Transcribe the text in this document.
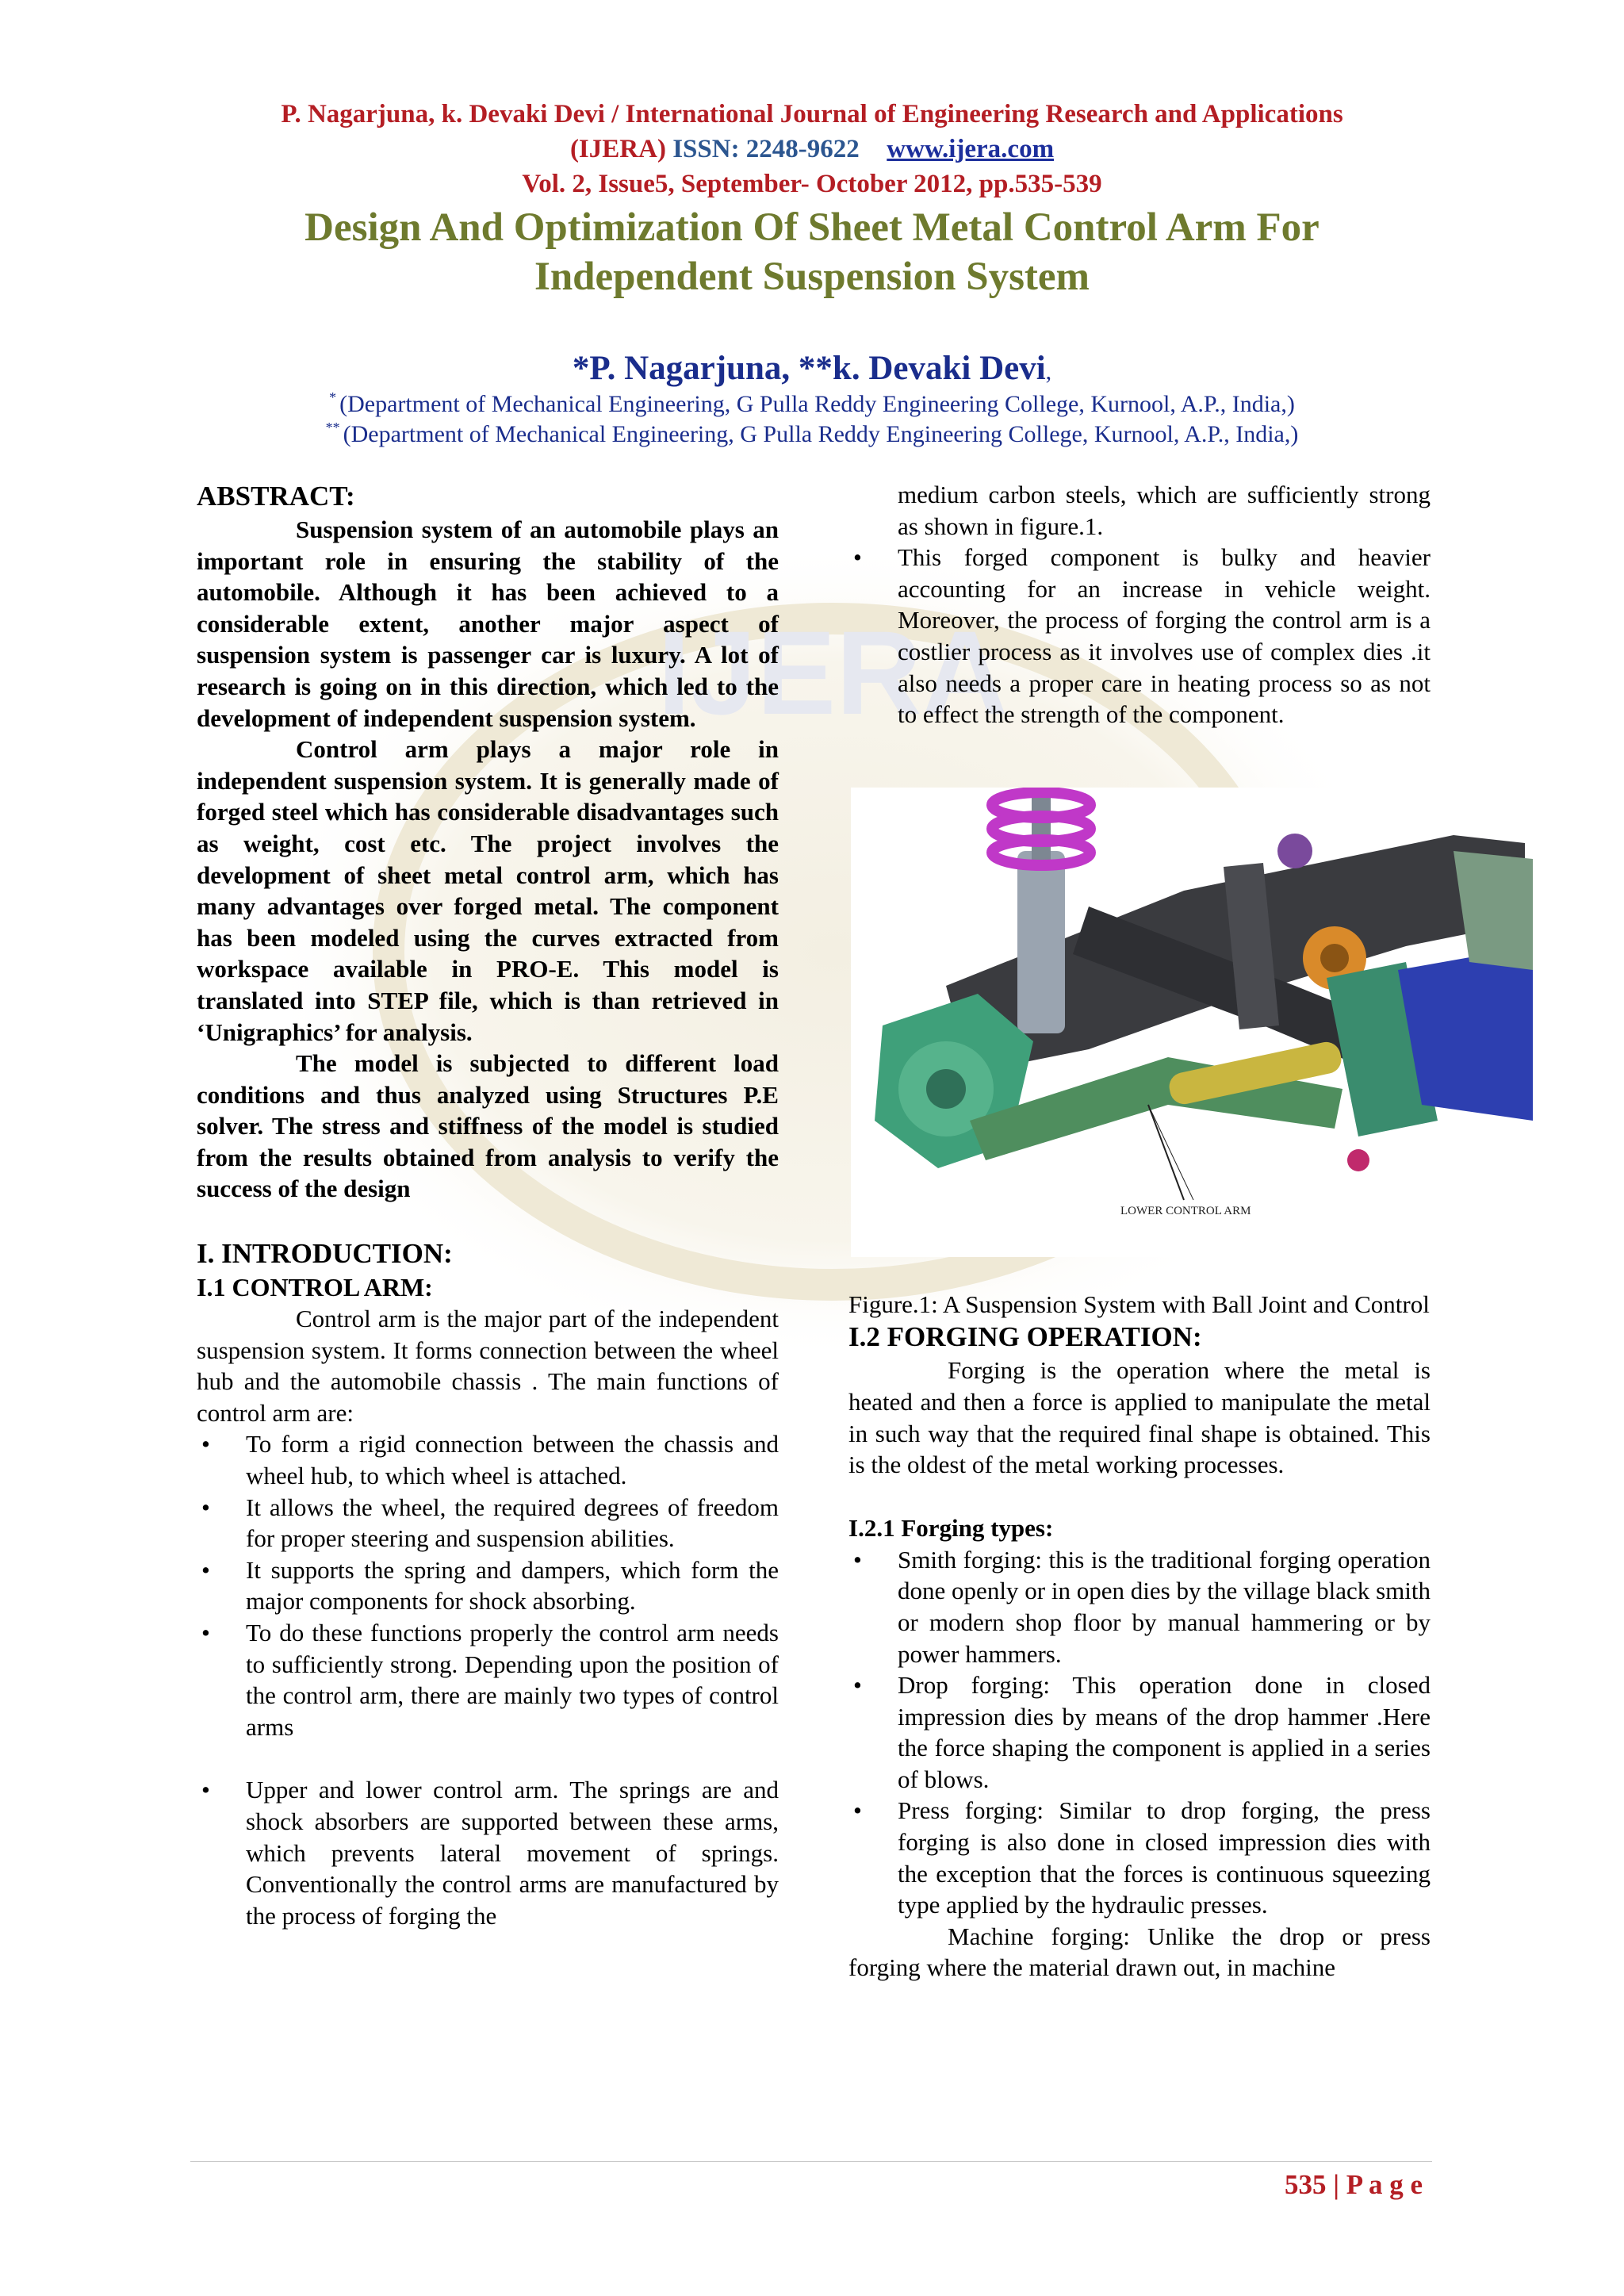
IJERA
P. Nagarjuna, k. Devaki Devi / International Journal of Engineering Research and Applications
(IJERA) ISSN: 2248-9622 www.ijera.com
Vol. 2, Issue5, September- October 2012, pp.535-539
Design And Optimization Of Sheet Metal Control Arm For
Independent Suspension System
*P. Nagarjuna, **k. Devaki Devi,
* (Department of Mechanical Engineering, G Pulla Reddy Engineering College, Kurnool, A.P., India,)
** (Department of Mechanical Engineering, G Pulla Reddy Engineering College, Kurnool, A.P., India,)

ABSTRACT:

Suspension system of an automobile plays an important role in ensuring the stability of the automobile. Although it has been achieved to a considerable extent, another major aspect of suspension system is passenger car is luxury. A lot of research is going on in this direction, which led to the development of independent suspension system.

Control arm plays a major role in independent suspension system. It is generally made of forged steel which has considerable disadvantages such as weight, cost etc. The project involves the development of sheet metal control arm, which has many advantages over forged metal. The component has been modeled using the curves extracted from workspace available in PRO-E. This model is translated into STEP file, which is than retrieved in ‘Unigraphics’ for analysis.

The model is subjected to different load conditions and thus analyzed using Structures P.E solver. The stress and stiffness of the model is studied from the results obtained from analysis to verify the success of the design

I. INTRODUCTION:

I.1 CONTROL ARM:

Control arm is the major part of the independent suspension system. It forms connection between the wheel hub and the automobile chassis . The main functions of control arm are:

• To form a rigid connection between the chassis and wheel hub, to which wheel is attached.

• It allows the wheel, the required degrees of freedom for proper steering and suspension abilities.

• It supports the spring and dampers, which form the major components for shock absorbing.

• To do these functions properly the control arm needs to sufficiently strong. Depending upon the position of the control arm, there are mainly two types of control arms

• Upper and lower control arm. The springs are and shock absorbers are supported between these arms, which prevents lateral movement of springs. Conventionally the control arms are manufactured by the process of forging the

medium carbon steels, which are sufficiently strong as shown in figure.1.

• This forged component is bulky and heavier accounting for an increase in vehicle weight. Moreover, the process of forging the control arm is a costlier process as it involves use of complex dies .it also needs a proper care in heating process so as not to effect the strength of the component.

LOWER CONTROL ARM

Figure.1: A Suspension System with Ball Joint and Control

I.2 FORGING OPERATION:

Forging is the operation where the metal is heated and then a force is applied to manipulate the metal in such way that the required final shape is obtained. This is the oldest of the metal working processes.

I.2.1 Forging types:

• Smith forging: this is the traditional forging operation done openly or in open dies by the village black smith or modern shop floor by manual hammering or by power hammers.

• Drop forging: This operation done in closed impression dies by means of the drop hammer .Here the force shaping the component is applied in a series of blows.

• Press forging: Similar to drop forging, the press forging is also done in closed impression dies with the exception that the forces is continuous squeezing type applied by the hydraulic presses.

Machine forging: Unlike the drop or press forging where the material drawn out, in machine

535 | P a g e
